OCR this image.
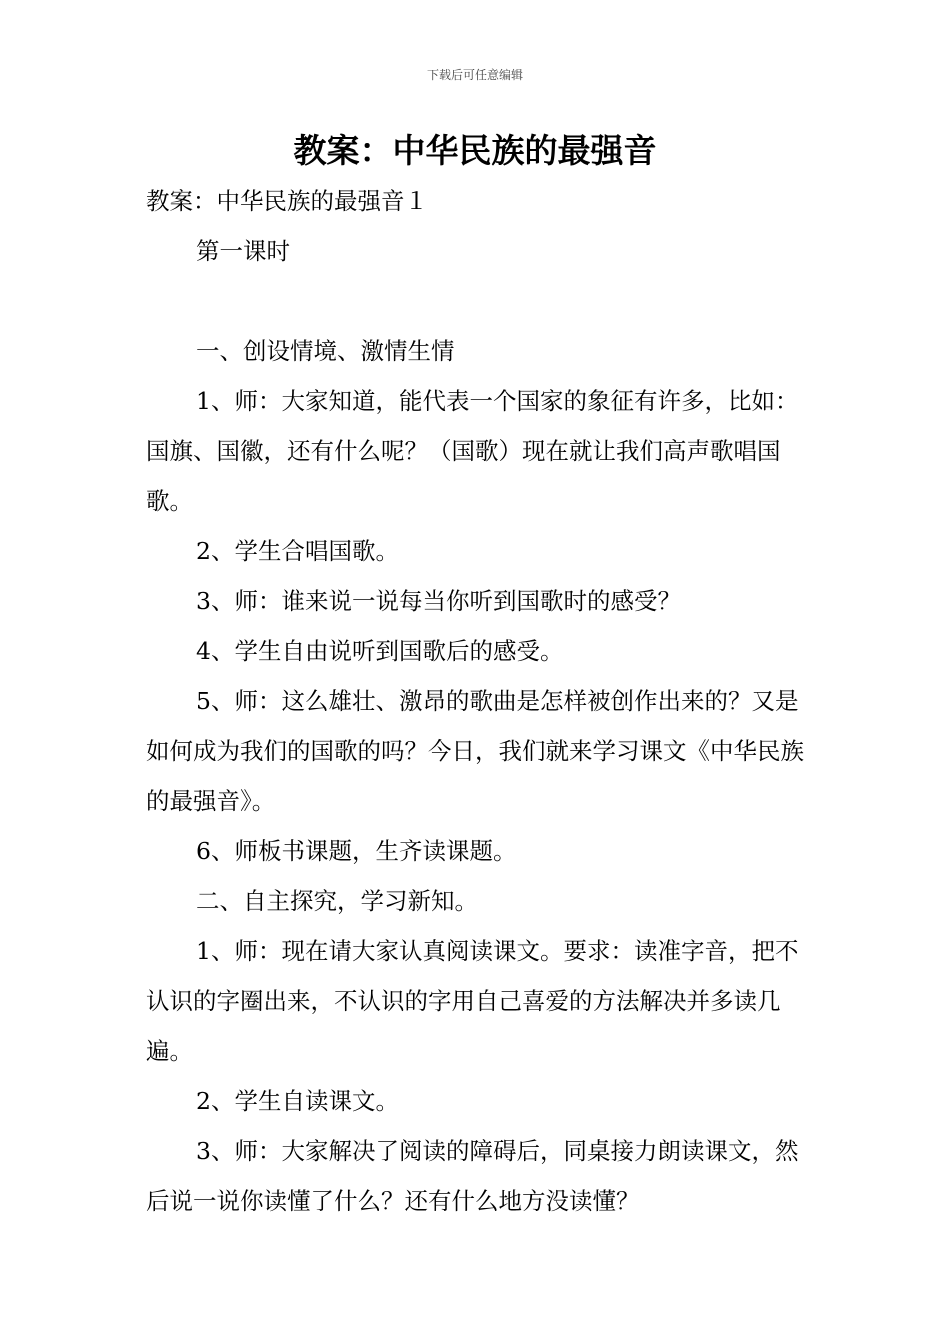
下载后可任意编辑
教案：中华民族的最强音

教案：中华民族的最强音１

第一课时

一、创设情境、激情生情

1、师：大家知道，能代表一个国家的象征有许多，比如：国旗、国徽，还有什么呢？（国歌）现在就让我们高声歌唱国歌。

2、学生合唱国歌。

3、师：谁来说一说每当你听到国歌时的感受？

4、学生自由说听到国歌后的感受。

5、师：这么雄壮、激昂的歌曲是怎样被创作出来的？又是如何成为我们的国歌的吗？今日，我们就来学习课文《中华民族的最强音》。

6、师板书课题，生齐读课题。

二、自主探究，学习新知。

1、师：现在请大家认真阅读课文。要求：读准字音，把不认识的字圈出来，不认识的字用自己喜爱的方法解决并多读几遍。

2、学生自读课文。

3、师：大家解决了阅读的障碍后，同桌接力朗读课文，然后说一说你读懂了什么？还有什么地方没读懂？
